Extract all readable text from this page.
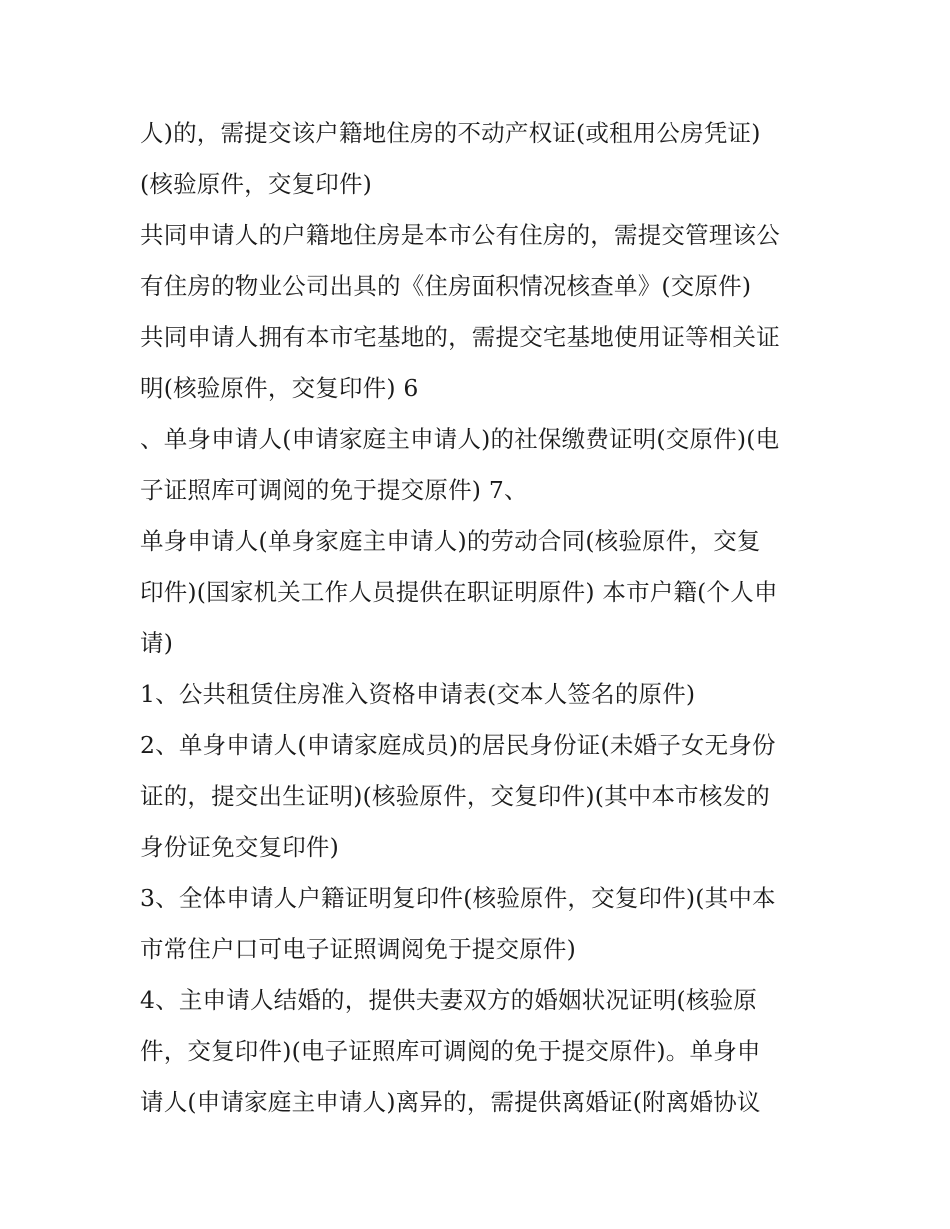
人)的，需提交该户籍地住房的不动产权证(或租用公房凭证)
(核验原件，交复印件)
共同申请人的户籍地住房是本市公有住房的，需提交管理该公
有住房的物业公司出具的《住房面积情况核查单》(交原件)
共同申请人拥有本市宅基地的，需提交宅基地使用证等相关证
明(核验原件，交复印件) 6
、单身申请人(申请家庭主申请人)的社保缴费证明(交原件)(电
子证照库可调阅的免于提交原件) 7、
单身申请人(单身家庭主申请人)的劳动合同(核验原件，交复
印件)(国家机关工作人员提供在职证明原件) 本市户籍(个人申
请)
1、公共租赁住房准入资格申请表(交本人签名的原件)
2、单身申请人(申请家庭成员)的居民身份证(未婚子女无身份
证的，提交出生证明)(核验原件，交复印件)(其中本市核发的
身份证免交复印件)
3、全体申请人户籍证明复印件(核验原件，交复印件)(其中本
市常住户口可电子证照调阅免于提交原件)
4、主申请人结婚的，提供夫妻双方的婚姻状况证明(核验原
件，交复印件)(电子证照库可调阅的免于提交原件)。单身申
请人(申请家庭主申请人)离异的，需提供离婚证(附离婚协议
